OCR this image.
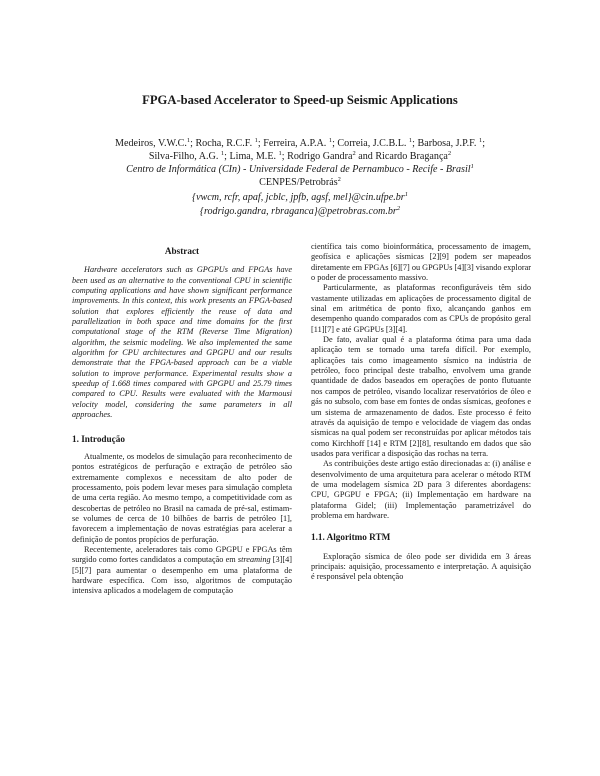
FPGA-based Accelerator to Speed-up Seismic Applications
Medeiros, V.W.C.$^1$; Rocha, R.C.F. $^1$; Ferreira, A.P.A. $^1$; Correia, J.C.B.L. $^1$; Barbosa, J.P.F. $^1$;
Silva-Filho, A.G. $^1$; Lima, M.E. $^1$; Rodrigo Gandra$^2$ and Ricardo Bragança$^2$
Centro de Informática (CIn) - Universidade Federal de Pernambuco - Recife - Brasil$^1$
CENPES/Petrobrás$^2$
{vwcm, rcfr, apaf, jcblc, jpfb, agsf, $mel\}@cin.ufpe.br^1$
{rodrigo.gandra, $rbraganca\}@petrobras.com.br^2$
Abstract

Hardware accelerators such as GPGPUs and FPGAs have been used as an alternative to the conventional CPU in scientific computing applications and have shown significant performance improvements. In this context, this work presents an FPGA-based solution that explores efficiently the reuse of data and parallelization in both space and time domains for the first computational stage of the RTM (Reverse Time Migration) algorithm, the seismic modeling. We also implemented the same algorithm for CPU architectures and GPGPU and our results demonstrate that the FPGA-based approach can be a viable solution to improve performance. Experimental results show a speedup of 1.668 times compared with GPGPU and 25.79 times compared to CPU. Results were evaluated with the Marmousi velocity model, considering the same parameters in all approaches.

1. Introdução

Atualmente, os modelos de simulação para reconhecimento de pontos estratégicos de perfuração e extração de petróleo são extremamente complexos e necessitam de alto poder de processamento, pois podem levar meses para simulação completa de uma certa região. Ao mesmo tempo, a competitividade com as descobertas de petróleo no Brasil na camada de pré-sal, estimam-se volumes de cerca de 10 bilhões de barris de petróleo [1], favorecem a implementação de novas estratégias para acelerar a definição de pontos propícios de perfuração.

Recentemente, aceleradores tais como GPGPU e FPGAs têm surgido como fortes candidatos a computação em streaming [3][4][5][7] para aumentar o desempenho em uma plataforma de hardware específica. Com isso, algoritmos de computação intensiva aplicados a modelagem de computação

científica tais como bioinformática, processamento de imagem, geofísica e aplicações sísmicas [2][9] podem ser mapeados diretamente em FPGAs [6][7] ou GPGPUs [4][3] visando explorar o poder de processamento massivo.

Particularmente, as plataformas reconfiguráveis têm sido vastamente utilizadas em aplicações de processamento digital de sinal em aritmética de ponto fixo, alcançando ganhos em desempenho quando comparados com as CPUs de propósito geral [11][7] e até GPGPUs [3][4].

De fato, avaliar qual é a plataforma ótima para uma dada aplicação tem se tornado uma tarefa difícil. Por exemplo, aplicações tais como imageamento sísmico na indústria de petróleo, foco principal deste trabalho, envolvem uma grande quantidade de dados baseados em operações de ponto flutuante nos campos de petróleo, visando localizar reservatórios de óleo e gás no subsolo, com base em fontes de ondas sísmicas, geofones e um sistema de armazenamento de dados. Este processo é feito através da aquisição de tempo e velocidade de viagem das ondas sísmicas na qual podem ser reconstruídas por aplicar métodos tais como Kirchhoff [14] e RTM [2][8], resultando em dados que são usados para verificar a disposição das rochas na terra.

As contribuições deste artigo estão direcionadas a: (i) análise e desenvolvimento de uma arquitetura para acelerar o método RTM de uma modelagem sísmica 2D para 3 diferentes abordagens: CPU, GPGPU e FPGA; (ii) Implementação em hardware na plataforma Gidel; (iii) Implementação parametrizável do problema em hardware.

1.1. Algoritmo RTM

Exploração sísmica de óleo pode ser dividida em 3 áreas principais: aquisição, processamento e interpretação. A aquisição é responsável pela obtenção
